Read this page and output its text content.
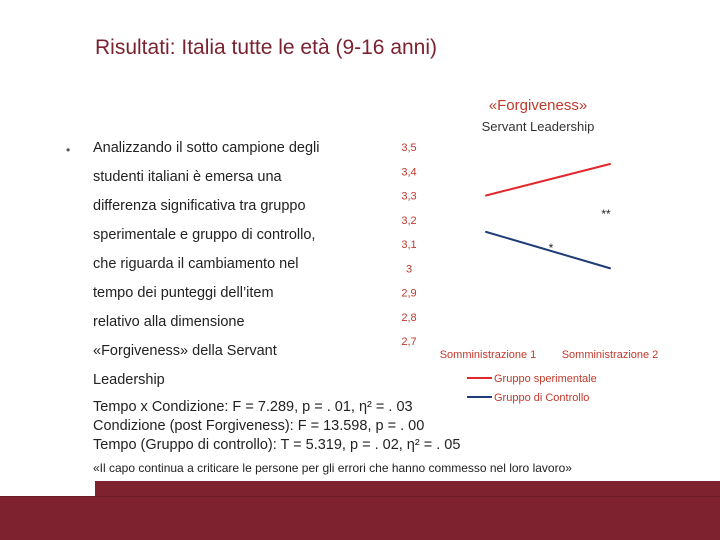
Risultati: Italia tutte le età (9-16 anni)
• Analizzando il sotto campione degli
studenti italiani è emersa una
differenza significativa tra gruppo
sperimentale e gruppo di controllo,
che riguarda il cambiamento nel
tempo dei punteggi dell’item
relativo alla dimensione
«Forgiveness» della Servant
Leadership
«Forgiveness»
Servant Leadership
3,5
3,4
3,3
3,2
3,1
3
2,9
2,8
2,7
Somministrazione 1 Somministrazione 2
Gruppo sperimentale
Gruppo di Controllo
**
*
Tempo x Condizione: F = 7.289, p = . 01, η² = . 03
Condizione (post Forgiveness): F = 13.598, p = . 00
Tempo (Gruppo di controllo): T = 5.319, p = . 02, η² = . 05
«Il capo continua a criticare le persone per gli errori che hanno commesso nel loro lavoro»
